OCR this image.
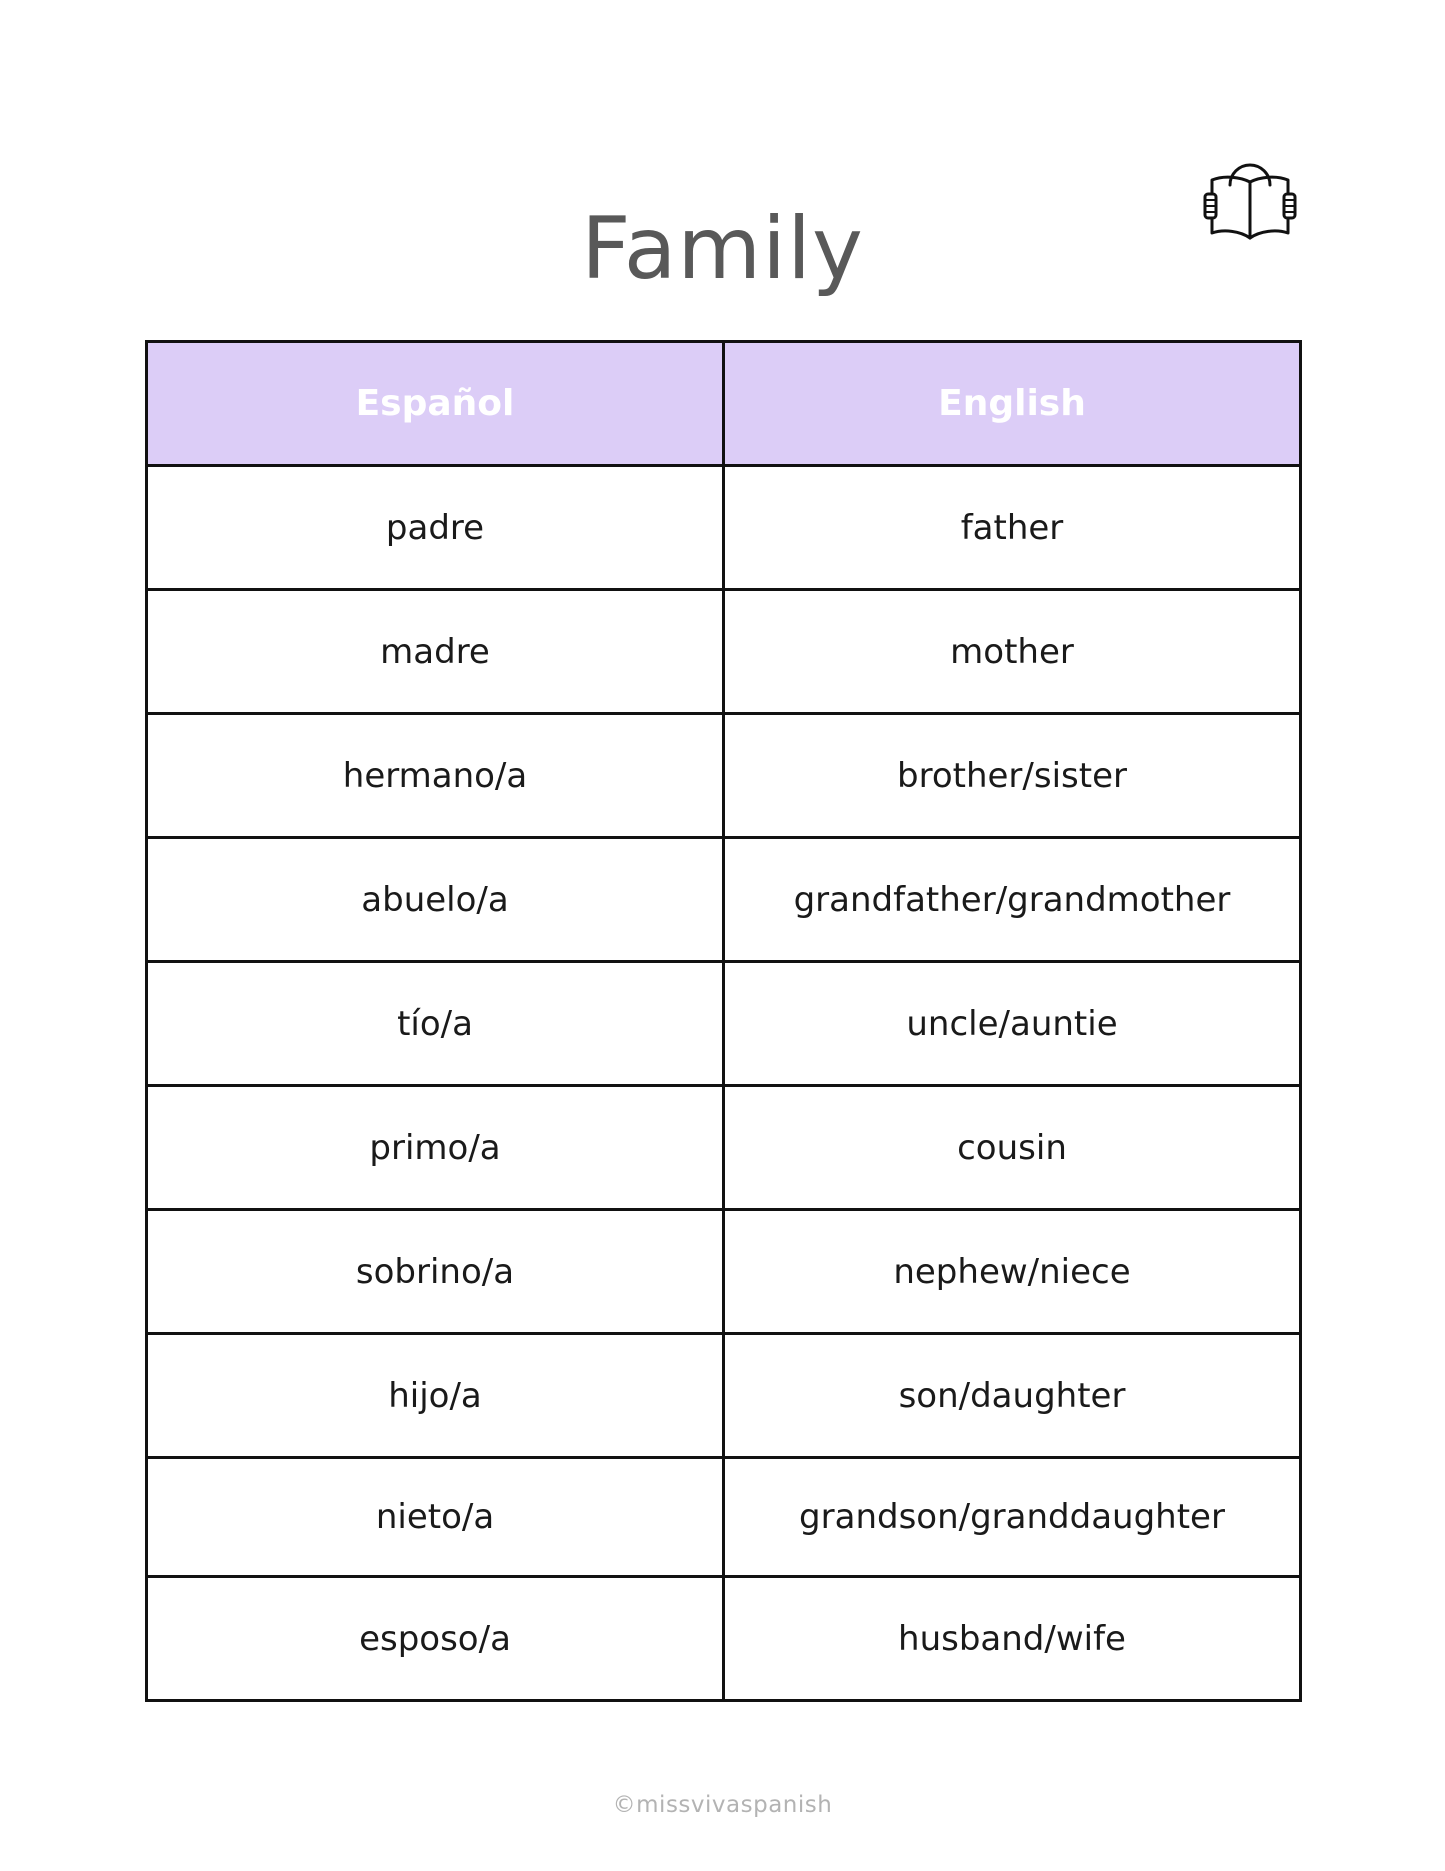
Family
Español	English
padre	father
madre	mother
hermano/a	brother/sister
abuelo/a	grandfather/grandmother
tío/a	uncle/auntie
primo/a	cousin
sobrino/a	nephew/niece
hijo/a	son/daughter
nieto/a	grandson/granddaughter
esposo/a	husband/wife
©missvivaspanish
